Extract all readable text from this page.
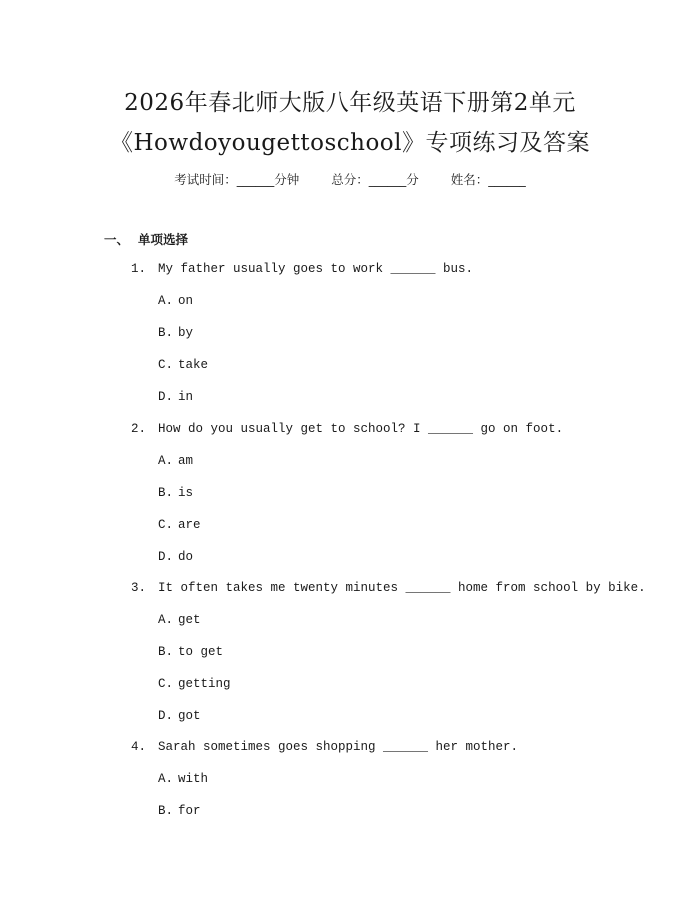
2026年春北师大版八年级英语下册第2单元
《Howdoyougettoschool》专项练习及答案
考试时间：______分钟	总分：______分	姓名：______
一、 单项选择
1. My father usually goes to work ______ bus.
A. on
B. by
C. take
D. in
2. How do you usually get to school? I ______ go on foot.
A. am
B. is
C. are
D. do
3. It often takes me twenty minutes ______ home from school by bike.
A. get
B. to get
C. getting
D. got
4. Sarah sometimes goes shopping ______ her mother.
A. with
B. for
